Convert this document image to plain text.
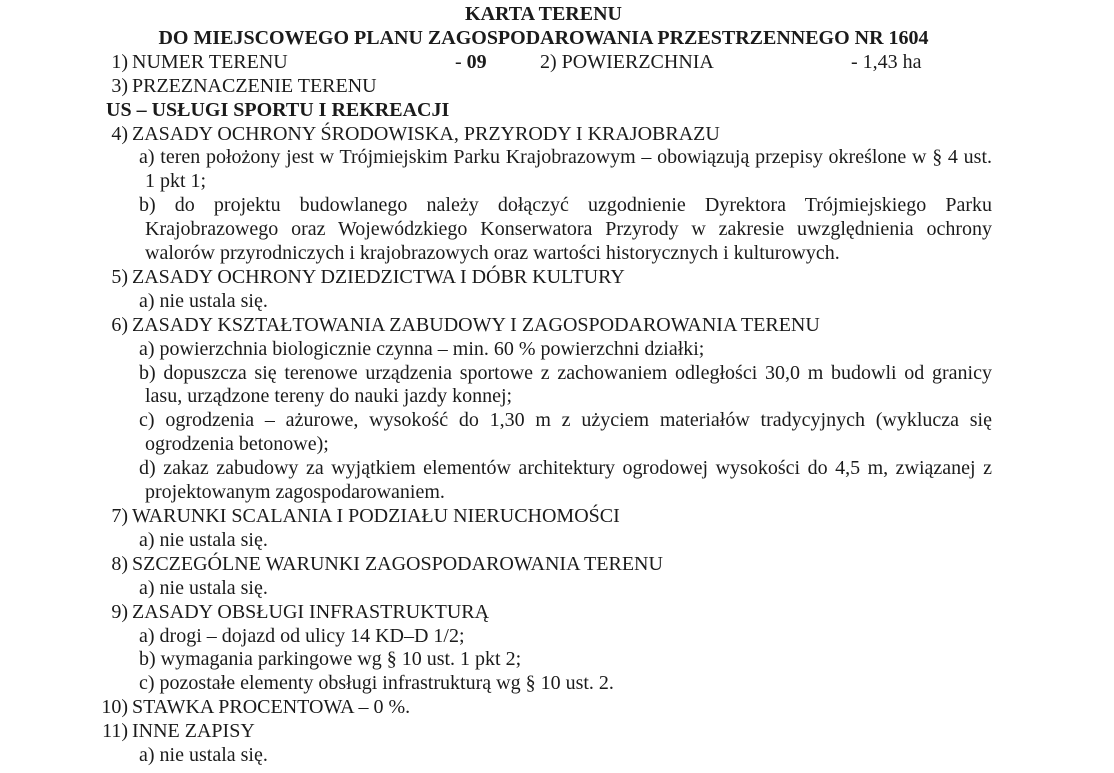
KARTA TERENU
DO MIEJSCOWEGO PLANU ZAGOSPODAROWANIA PRZESTRZENNEGO NR 1604
1) NUMER TERENU	- 09	2) POWIERZCHNIA	- 1,43 ha
3) PRZEZNACZENIE TERENU
US – USŁUGI SPORTU I REKREACJI
4) ZASADY OCHRONY ŚRODOWISKA, PRZYRODY I KRAJOBRAZU
a) teren położony jest w Trójmiejskim Parku Krajobrazowym – obowiązują przepisy określone w § 4 ust. 1 pkt 1;
b) do projektu budowlanego należy dołączyć uzgodnienie Dyrektora Trójmiejskiego Parku Krajobrazowego oraz Wojewódzkiego Konserwatora Przyrody w zakresie uwzględnienia ochrony walorów przyrodniczych i krajobrazowych oraz wartości historycznych i kulturowych.
5) ZASADY OCHRONY DZIEDZICTWA I DÓBR KULTURY
a) nie ustala się.
6) ZASADY KSZTAŁTOWANIA ZABUDOWY I ZAGOSPODAROWANIA TERENU
a) powierzchnia biologicznie czynna – min. 60 % powierzchni działki;
b) dopuszcza się terenowe urządzenia sportowe z zachowaniem odległości 30,0 m budowli od granicy lasu, urządzone tereny do nauki jazdy konnej;
c) ogrodzenia – ażurowe, wysokość do 1,30 m z użyciem materiałów tradycyjnych (wyklucza się ogrodzenia betonowe);
d) zakaz zabudowy za wyjątkiem elementów architektury ogrodowej wysokości do 4,5 m, związanej z projektowanym zagospodarowaniem.
7) WARUNKI SCALANIA I PODZIAŁU NIERUCHOMOŚCI
a) nie ustala się.
8) SZCZEGÓLNE WARUNKI ZAGOSPODAROWANIA TERENU
a) nie ustala się.
9) ZASADY OBSŁUGI INFRASTRUKTURĄ
a) drogi – dojazd od ulicy 14 KD–D 1/2;
b) wymagania parkingowe wg § 10 ust. 1 pkt 2;
c) pozostałe elementy obsługi infrastrukturą wg § 10 ust. 2.
10) STAWKA PROCENTOWA – 0 %.
11) INNE ZAPISY
a) nie ustala się.
